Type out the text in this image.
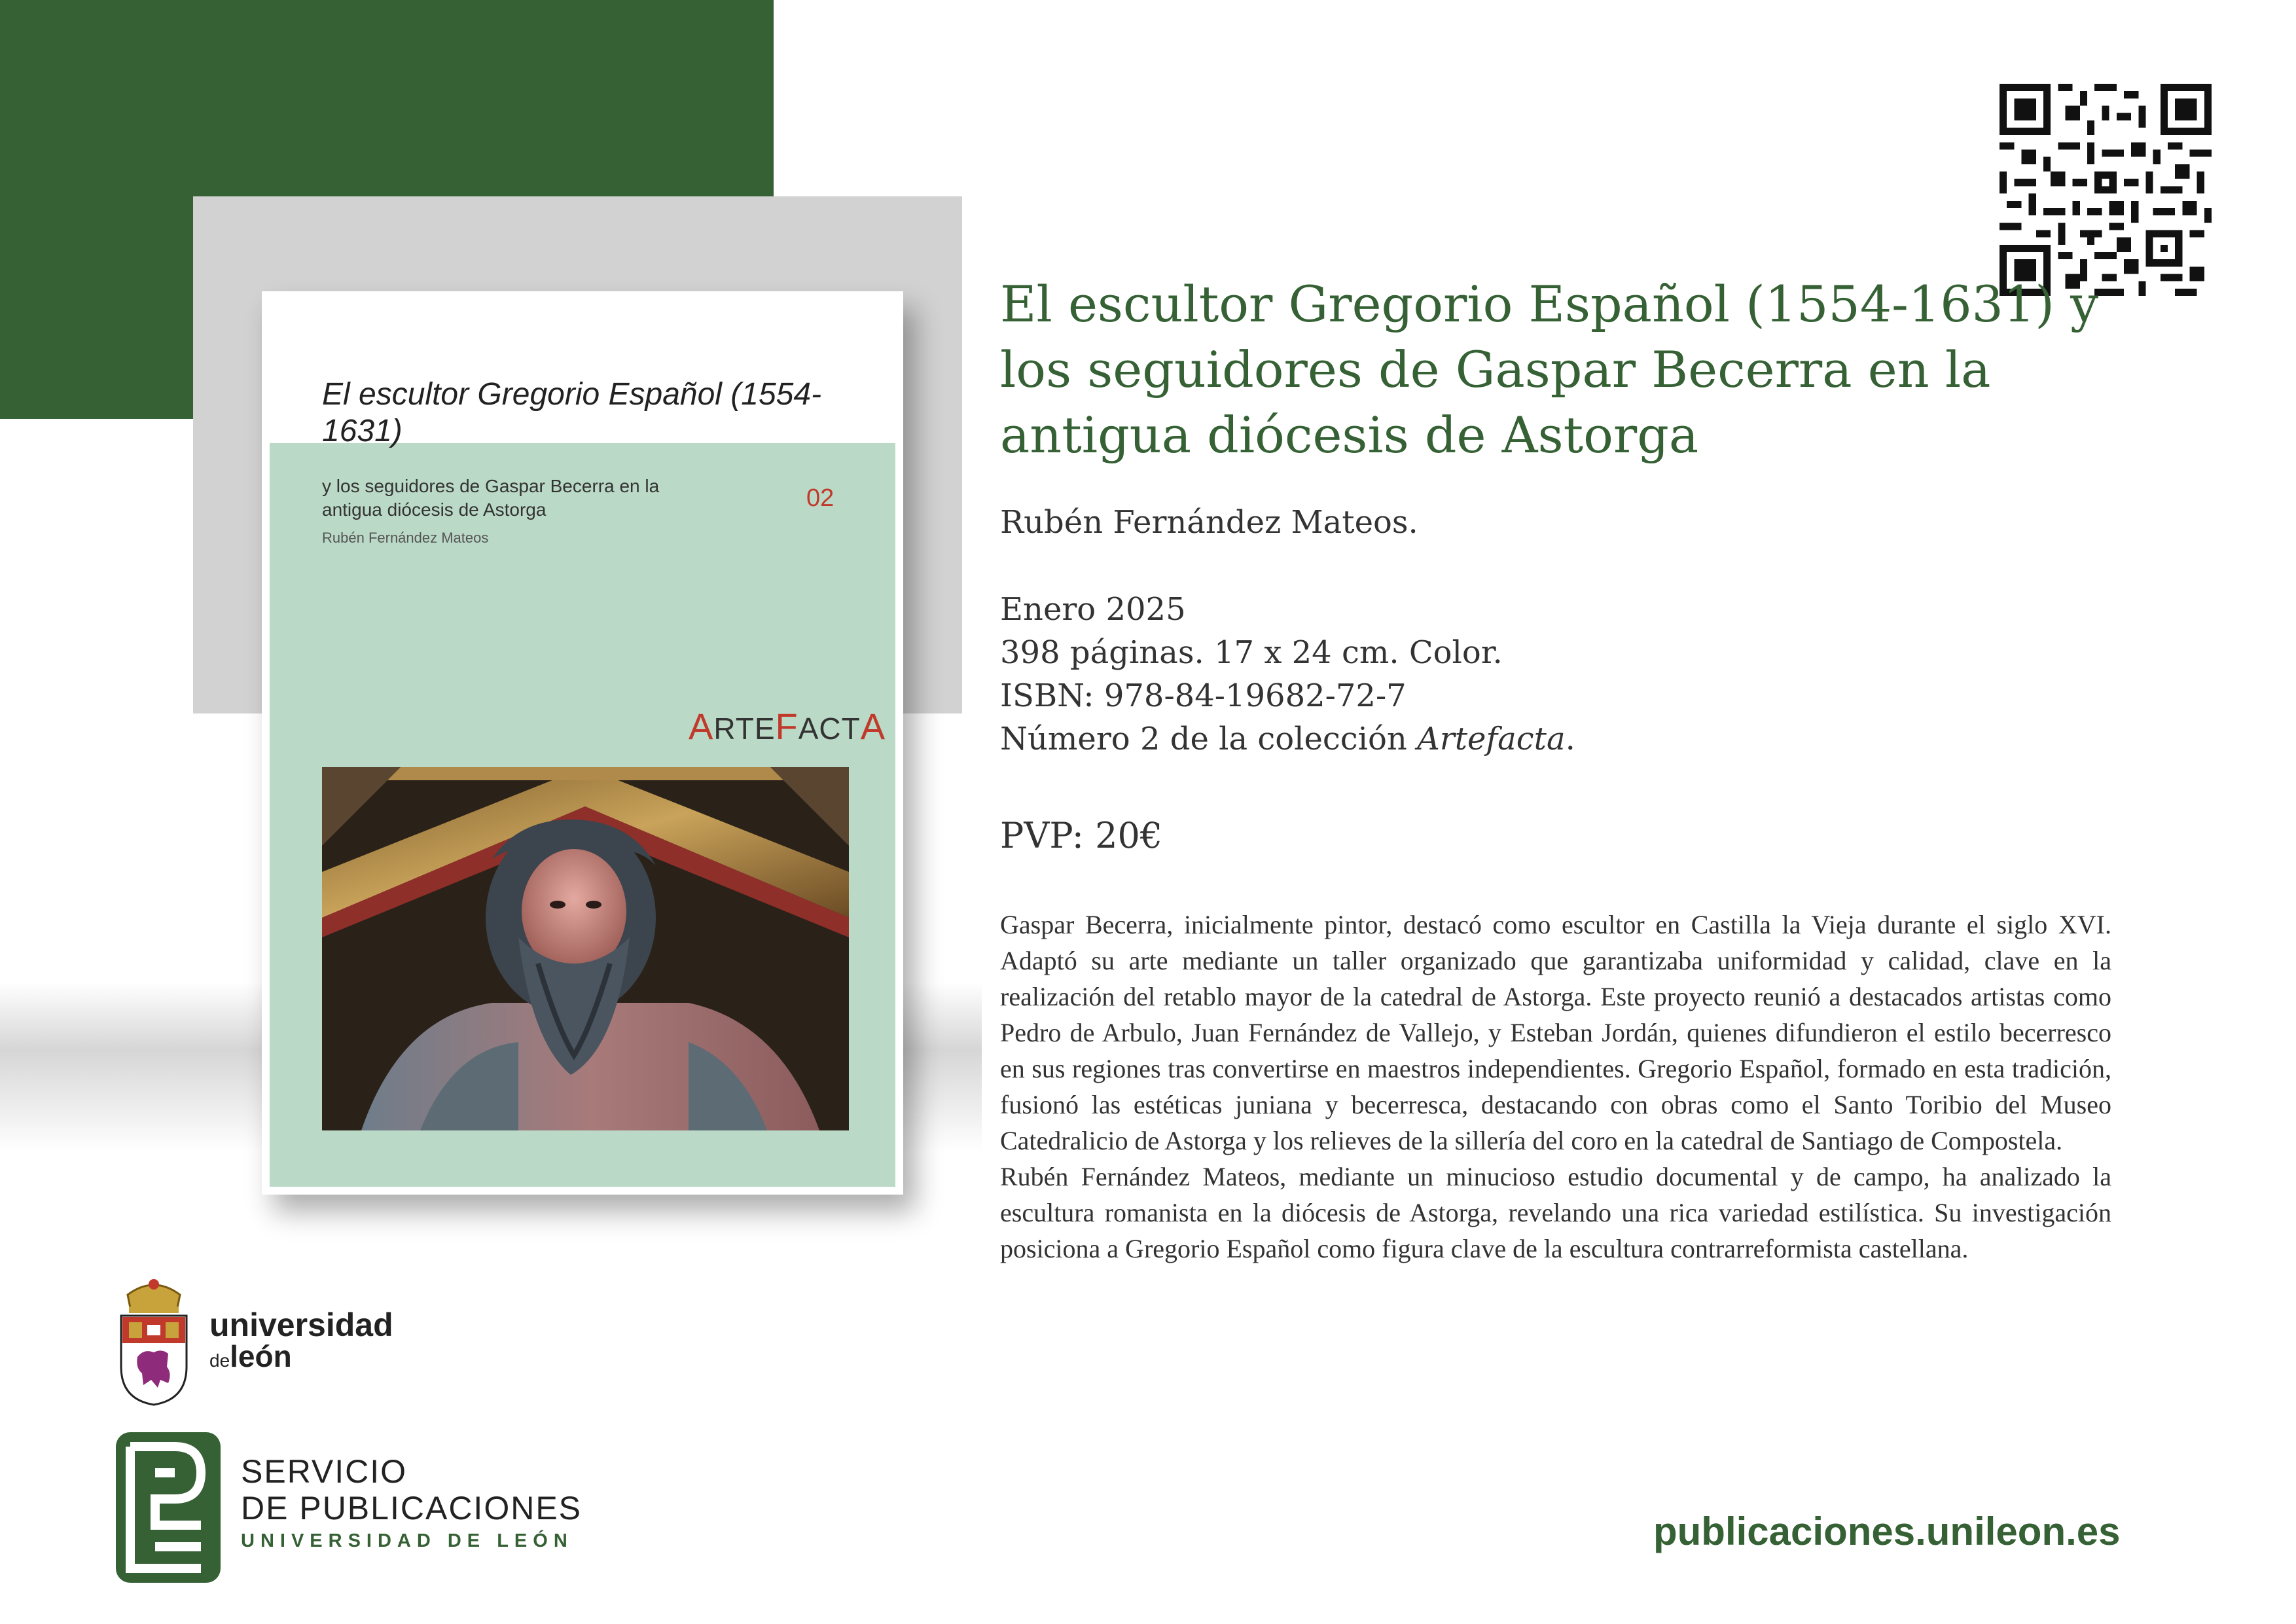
El escultor Gregorio Español (1554-1631)
y los seguidores de Gaspar Becerra en la antigua diócesis de Astorga	02
Rubén Fernández Mateos
ARTEFACTA
El escultor Gregorio Español (1554-1631) y los seguidores de Gaspar Becerra en la antigua diócesis de Astorga
Rubén Fernández Mateos.
Enero 2025
398 páginas. 17 x 24 cm. Color.
ISBN: 978-84-19682-72-7
Número 2 de la colección Artefacta.
PVP: 20€

Gaspar Becerra, inicialmente pintor, destacó como escultor en Castilla la Vieja durante el siglo XVI. Adaptó su arte mediante un taller organizado que garantizaba uniformidad y calidad, clave en la realización del retablo mayor de la catedral de Astorga. Este proyecto reunió a destacados artistas como Pedro de Arbulo, Juan Fernández de Vallejo, y Esteban Jordán, quienes difundieron el estilo becerresco en sus regiones tras convertirse en maestros independientes. Gregorio Español, formado en esta tradición, fusionó las estéticas juniana y becerresca, destacando con obras como el Santo Toribio del Museo Catedralicio de Astorga y los relieves de la sillería del coro en la catedral de Santiago de Compostela.

Rubén Fernández Mateos, mediante un minucioso estudio documental y de campo, ha analizado la escultura romanista en la diócesis de Astorga, revelando una rica variedad estilística. Su investigación posiciona a Gregorio Español como figura clave de la escultura contrarreformista castellana.

universidad
deleón
SERVICIO
DE PUBLICACIONES
UNIVERSIDAD DE LEÓN	publicaciones.unileon.es
